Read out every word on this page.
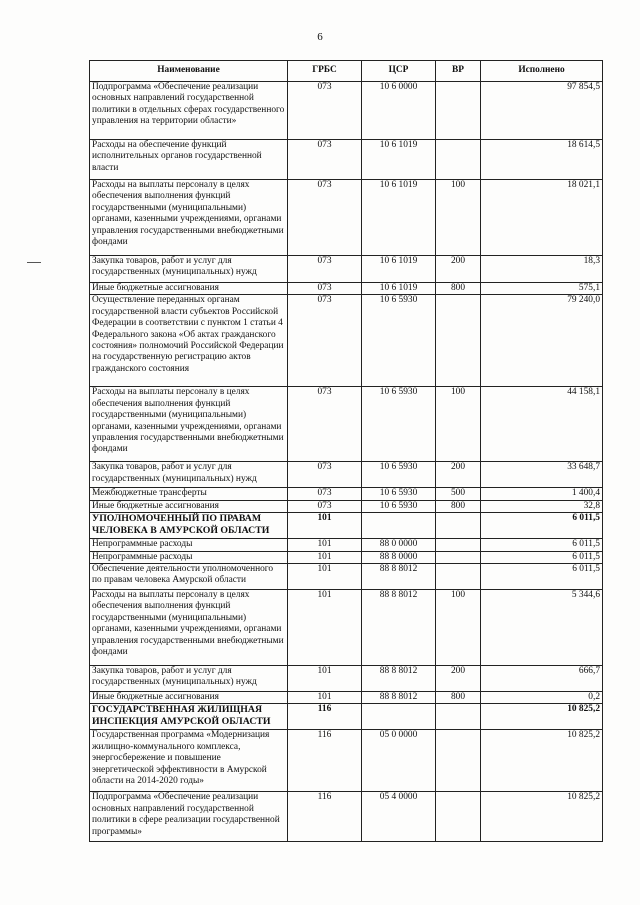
6
Наименование	ГРБС	ЦСР	ВР	Исполнено
Подпрограмма «Обеспечение реализации основных направлений государственной политики в отдельных сферах государственного управления на территории области»	073	10 6 0000		97 854,5
Расходы на обеспечение функций исполнительных органов государственной власти	073	10 6 1019		18 614,5
Расходы на выплаты персоналу в целях обеспечения выполнения функций государственными (муниципальными) органами, казенными учреждениями, органами управления государственными внебюджетными фондами	073	10 6 1019	100	18 021,1
Закупка товаров, работ и услуг для государственных (муниципальных) нужд	073	10 6 1019	200	18,3
Иные бюджетные ассигнования	073	10 6 1019	800	575,1
Осуществление переданных органам государственной власти субъектов Российской Федерации в соответствии с пунктом 1 статьи 4 Федерального закона «Об актах гражданского состояния» полномочий Российской Федерации на государственную регистрацию актов гражданского состояния	073	10 6 5930		79 240,0
Расходы на выплаты персоналу в целях обеспечения выполнения функций государственными (муниципальными) органами, казенными учреждениями, органами управления государственными внебюджетными фондами	073	10 6 5930	100	44 158,1
Закупка товаров, работ и услуг для государственных (муниципальных) нужд	073	10 6 5930	200	33 648,7
Межбюджетные трансферты	073	10 6 5930	500	1 400,4
Иные бюджетные ассигнования	073	10 6 5930	800	32,8
УПОЛНОМОЧЕННЫЙ ПО ПРАВАМ ЧЕЛОВЕКА В АМУРСКОЙ ОБЛАСТИ	101			6 011,5
Непрограммные расходы	101	88 0 0000		6 011,5
Непрограммные расходы	101	88 8 0000		6 011,5
Обеспечение деятельности уполномоченного по правам человека Амурской области	101	88 8 8012		6 011,5
Расходы на выплаты персоналу в целях обеспечения выполнения функций государственными (муниципальными) органами, казенными учреждениями, органами управления государственными внебюджетными фондами	101	88 8 8012	100	5 344,6
Закупка товаров, работ и услуг для государственных (муниципальных) нужд	101	88 8 8012	200	666,7
Иные бюджетные ассигнования	101	88 8 8012	800	0,2
ГОСУДАРСТВЕННАЯ ЖИЛИЩНАЯ ИНСПЕКЦИЯ АМУРСКОЙ ОБЛАСТИ	116			10 825,2
Государственная программа «Модернизация жилищно-коммунального комплекса, энергосбережение и повышение энергетической эффективности в Амурской области на 2014-2020 годы»	116	05 0 0000		10 825,2
Подпрограмма «Обеспечение реализации основных направлений государственной политики в сфере реализации государственной программы»	116	05 4 0000		10 825,2
